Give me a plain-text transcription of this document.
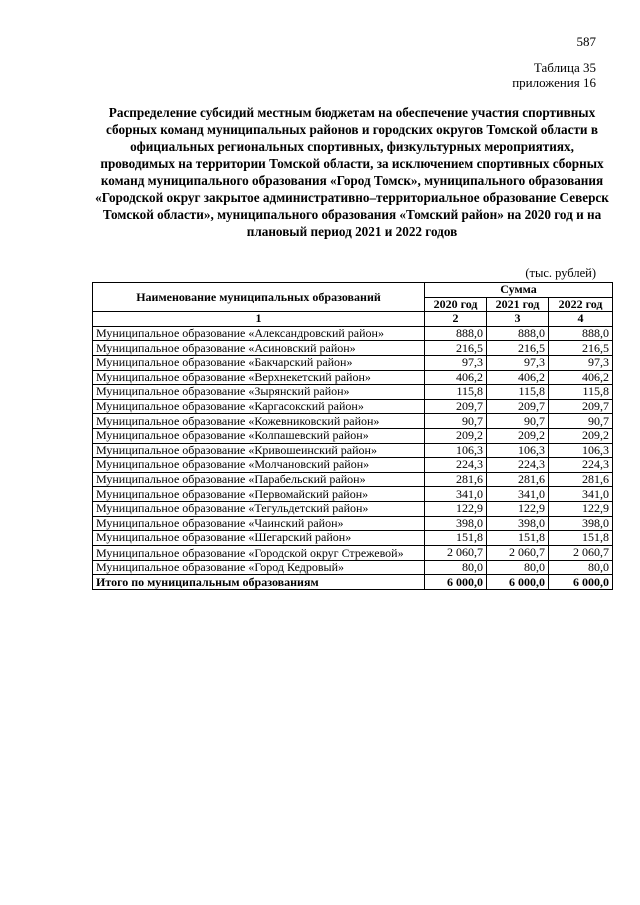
587
Таблица 35
приложения 16
Распределение субсидий местным бюджетам на обеспечение участия спортивных сборных команд муниципальных районов и городских округов Томской области в официальных региональных спортивных, физкультурных мероприятиях, проводимых на территории Томской области, за исключением спортивных сборных команд муниципального образования «Город Томск», муниципального образования «Городской округ закрытое административно–территориальное образование Северск Томской области», муниципального образования «Томский район» на 2020 год и на плановый период 2021 и 2022 годов
(тыс. рублей)
Наименование муниципальных образований	Сумма		
	2020 год	2021 год	2022 год
1	2	3	4
Муниципальное образование «Александровский район»	888,0	888,0	888,0
Муниципальное образование «Асиновский район»	216,5	216,5	216,5
Муниципальное образование «Бакчарский район»	97,3	97,3	97,3
Муниципальное образование «Верхнекетский район»	406,2	406,2	406,2
Муниципальное образование «Зырянский район»	115,8	115,8	115,8
Муниципальное образование «Каргасокский район»	209,7	209,7	209,7
Муниципальное образование «Кожевниковский район»	90,7	90,7	90,7
Муниципальное образование «Колпашевский район»	209,2	209,2	209,2
Муниципальное образование «Кривошеинский район»	106,3	106,3	106,3
Муниципальное образование «Молчановский район»	224,3	224,3	224,3
Муниципальное образование «Парабельский район»	281,6	281,6	281,6
Муниципальное образование «Первомайский район»	341,0	341,0	341,0
Муниципальное образование «Тегульдетский район»	122,9	122,9	122,9
Муниципальное образование «Чаинский район»	398,0	398,0	398,0
Муниципальное образование «Шегарский район»	151,8	151,8	151,8
Муниципальное образование «Городской округ Стрежевой»	2 060,7	2 060,7	2 060,7
Муниципальное образование «Город Кедровый»	80,0	80,0	80,0
Итого по муниципальным образованиям	6 000,0	6 000,0	6 000,0
